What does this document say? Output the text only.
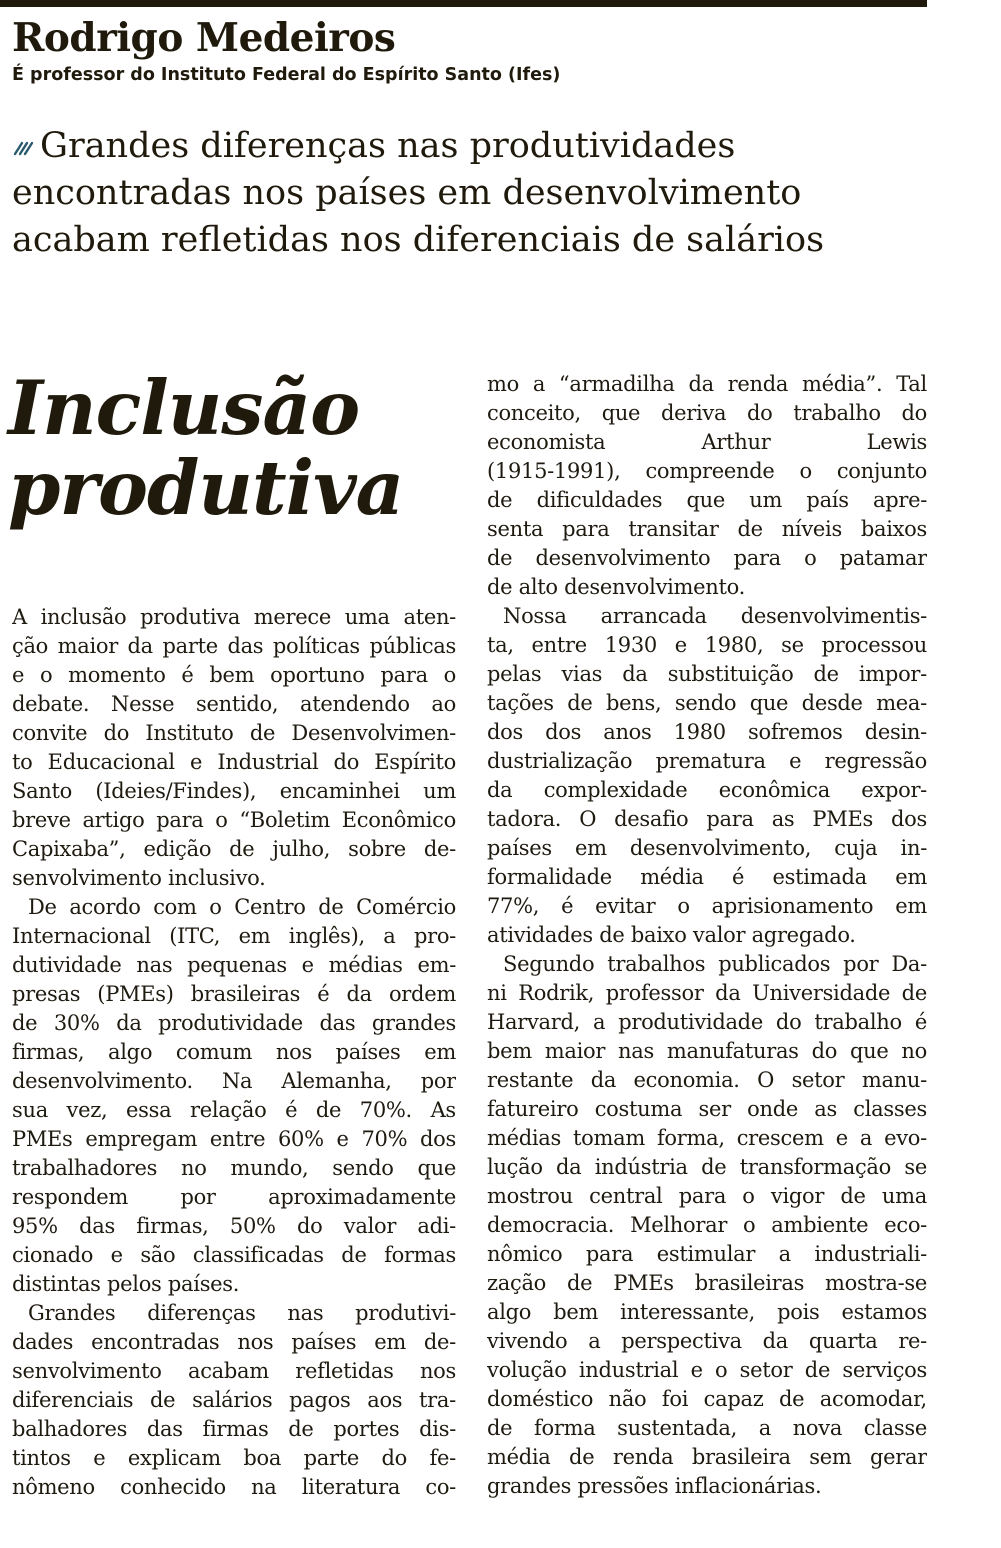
Rodrigo Medeiros
É professor do Instituto Federal do Espírito Santo (Ifes)
Grandes diferenças nas produtividades
encontradas nos países em desenvolvimento
acabam refletidas nos diferenciais de salários
Inclusão
produtiva
A inclusão produtiva merece uma aten-
ção maior da parte das políticas públicas
e o momento é bem oportuno para o
debate. Nesse sentido, atendendo ao
convite do Instituto de Desenvolvimen-
to Educacional e Industrial do Espírito
Santo (Ideies/Findes), encaminhei um
breve artigo para o “Boletim Econômico
Capixaba”, edição de julho, sobre de-
senvolvimento inclusivo.
De acordo com o Centro de Comércio
Internacional (ITC, em inglês), a pro-
dutividade nas pequenas e médias em-
presas (PMEs) brasileiras é da ordem
de 30% da produtividade das grandes
firmas, algo comum nos países em
desenvolvimento. Na Alemanha, por
sua vez, essa relação é de 70%. As
PMEs empregam entre 60% e 70% dos
trabalhadores no mundo, sendo que
respondem por aproximadamente
95% das firmas, 50% do valor adi-
cionado e são classificadas de formas
distintas pelos países.
Grandes diferenças nas produtivi-
dades encontradas nos países em de-
senvolvimento acabam refletidas nos
diferenciais de salários pagos aos tra-
balhadores das firmas de portes dis-
tintos e explicam boa parte do fe-
nômeno conhecido na literatura co-
mo a “armadilha da renda média”. Tal
conceito, que deriva do trabalho do
economista	Arthur	Lewis
(1915-1991), compreende o conjunto
de dificuldades que um país apre-
senta para transitar de níveis baixos
de desenvolvimento para o patamar
de alto desenvolvimento.
Nossa arrancada desenvolvimentis-
ta, entre 1930 e 1980, se processou
pelas vias da substituição de impor-
tações de bens, sendo que desde mea-
dos dos anos 1980 sofremos desin-
dustrialização prematura e regressão
da complexidade econômica expor-
tadora. O desafio para as PMEs dos
países em desenvolvimento, cuja in-
formalidade média é estimada em
77%, é evitar o aprisionamento em
atividades de baixo valor agregado.
Segundo trabalhos publicados por Da-
ni Rodrik, professor da Universidade de
Harvard, a produtividade do trabalho é
bem maior nas manufaturas do que no
restante da economia. O setor manu-
fatureiro costuma ser onde as classes
médias tomam forma, crescem e a evo-
lução da indústria de transformação se
mostrou central para o vigor de uma
democracia. Melhorar o ambiente eco-
nômico para estimular a industriali-
zação de PMEs brasileiras mostra-se
algo bem interessante, pois estamos
vivendo a perspectiva da quarta re-
volução industrial e o setor de serviços
doméstico não foi capaz de acomodar,
de forma sustentada, a nova classe
média de renda brasileira sem gerar
grandes pressões inflacionárias.
